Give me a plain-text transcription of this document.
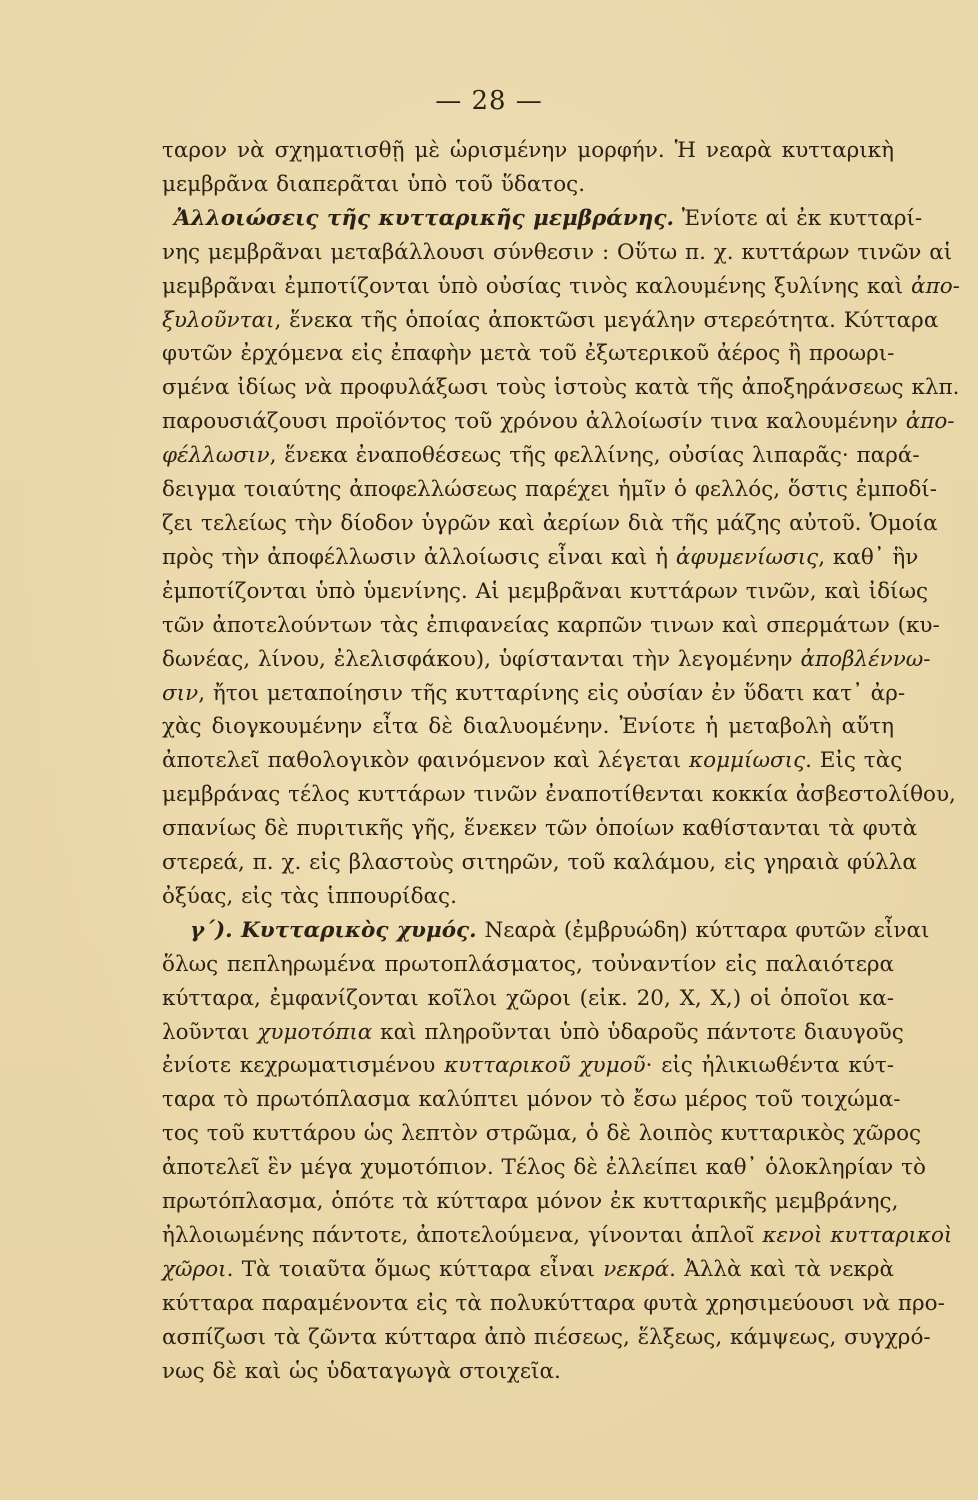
— 28 —
ταρον νὰ σχηματισθῇ μὲ ὡρισμένην μορφήν. Ἡ νεαρὰ κυτταρικὴ
μεμβρᾶνα διαπερᾶται ὑπὸ τοῦ ὕδατος.
Ἀλλοιώσεις τῆς κυτταρικῆς μεμβράνης. Ἐνίοτε αἱ ἐκ κυτταρί-
νης μεμβρᾶναι μεταβάλλουσι σύνθεσιν : Οὕτω π. χ. κυττάρων τινῶν αἱ
μεμβρᾶναι ἐμποτίζονται ὑπὸ οὐσίας τινὸς καλουμένης ξυλίνης καὶ ἀπο-
ξυλοῦνται, ἕνεκα τῆς ὁποίας ἀποκτῶσι μεγάλην στερεότητα. Κύτταρα
φυτῶν ἐρχόμενα εἰς ἐπαφὴν μετὰ τοῦ ἐξωτερικοῦ ἀέρος ἢ προωρι-
σμένα ἰδίως νὰ προφυλάξωσι τοὺς ἱστοὺς κατὰ τῆς ἀποξηράνσεως κλπ.
παρουσιάζουσι προϊόντος τοῦ χρόνου ἀλλοίωσίν τινα καλουμένην ἀπο-
φέλλωσιν, ἕνεκα ἐναποθέσεως τῆς φελλίνης, οὐσίας λιπαρᾶς· παρά-
δειγμα τοιαύτης ἀποφελλώσεως παρέχει ἡμῖν ὁ φελλός, ὅστις ἐμποδί-
ζει τελείως τὴν δίοδον ὑγρῶν καὶ ἀερίων διὰ τῆς μάζης αὐτοῦ. Ὁμοία
πρὸς τὴν ἀποφέλλωσιν ἀλλοίωσις εἶναι καὶ ἡ ἀφυμενίωσις, καθ᾽ ἣν
ἐμποτίζονται ὑπὸ ὑμενίνης. Αἱ μεμβρᾶναι κυττάρων τινῶν, καὶ ἰδίως
τῶν ἀποτελούντων τὰς ἐπιφανείας καρπῶν τινων καὶ σπερμάτων (κυ-
δωνέας, λίνου, ἐλελισφάκου), ὑφίστανται τὴν λεγομένην ἀποβλέννω-
σιν, ἤτοι μεταποίησιν τῆς κυτταρίνης εἰς οὐσίαν ἐν ὕδατι κατ᾽ ἀρ-
χὰς διογκουμένην εἶτα δὲ διαλυομένην. Ἐνίοτε ἡ μεταβολὴ αὕτη
ἀποτελεῖ παθολογικὸν φαινόμενον καὶ λέγεται κομμίωσις. Εἰς τὰς
μεμβράνας τέλος κυττάρων τινῶν ἐναποτίθενται κοκκία ἀσβεστολίθου,
σπανίως δὲ πυριτικῆς γῆς, ἕνεκεν τῶν ὁποίων καθίστανται τὰ φυτὰ
στερεά, π. χ. εἰς βλαστοὺς σιτηρῶν, τοῦ καλάμου, εἰς γηραιὰ φύλλα
ὀξύας, εἰς τὰς ἱππουρίδας.
γ΄). Κυτταρικὸς χυμός. Νεαρὰ (ἐμβρυώδη) κύτταρα φυτῶν εἶναι
ὅλως πεπληρωμένα πρωτοπλάσματος, τοὐναντίον εἰς παλαιότερα
κύτταρα, ἐμφανίζονται κοῖλοι χῶροι (εἰκ. 20, X, X,) οἱ ὁποῖοι κα-
λοῦνται χυμοτόπια καὶ πληροῦνται ὑπὸ ὑδαροῦς πάντοτε διαυγοῦς
ἐνίοτε κεχρωματισμένου κυτταρικοῦ χυμοῦ· εἰς ἠλικιωθέντα κύτ-
ταρα τὸ πρωτόπλασμα καλύπτει μόνον τὸ ἔσω μέρος τοῦ τοιχώμα-
τος τοῦ κυττάρου ὡς λεπτὸν στρῶμα, ὁ δὲ λοιπὸς κυτταρικὸς χῶρος
ἀποτελεῖ ἓν μέγα χυμοτόπιον. Τέλος δὲ ἐλλείπει καθ᾽ ὁλοκληρίαν τὸ
πρωτόπλασμα, ὁπότε τὰ κύτταρα μόνον ἐκ κυτταρικῆς μεμβράνης,
ἠλλοιωμένης πάντοτε, ἀποτελούμενα, γίνονται ἁπλοῖ κενοὶ κυτταρικοὶ
χῶροι. Τὰ τοιαῦτα ὅμως κύτταρα εἶναι νεκρά. Ἀλλὰ καὶ τὰ νεκρὰ
κύτταρα παραμένοντα εἰς τὰ πολυκύτταρα φυτὰ χρησιμεύουσι νὰ προ-
ασπίζωσι τὰ ζῶντα κύτταρα ἀπὸ πιέσεως, ἕλξεως, κάμψεως, συγχρό-
νως δὲ καὶ ὡς ὑδαταγωγὰ στοιχεῖα.
